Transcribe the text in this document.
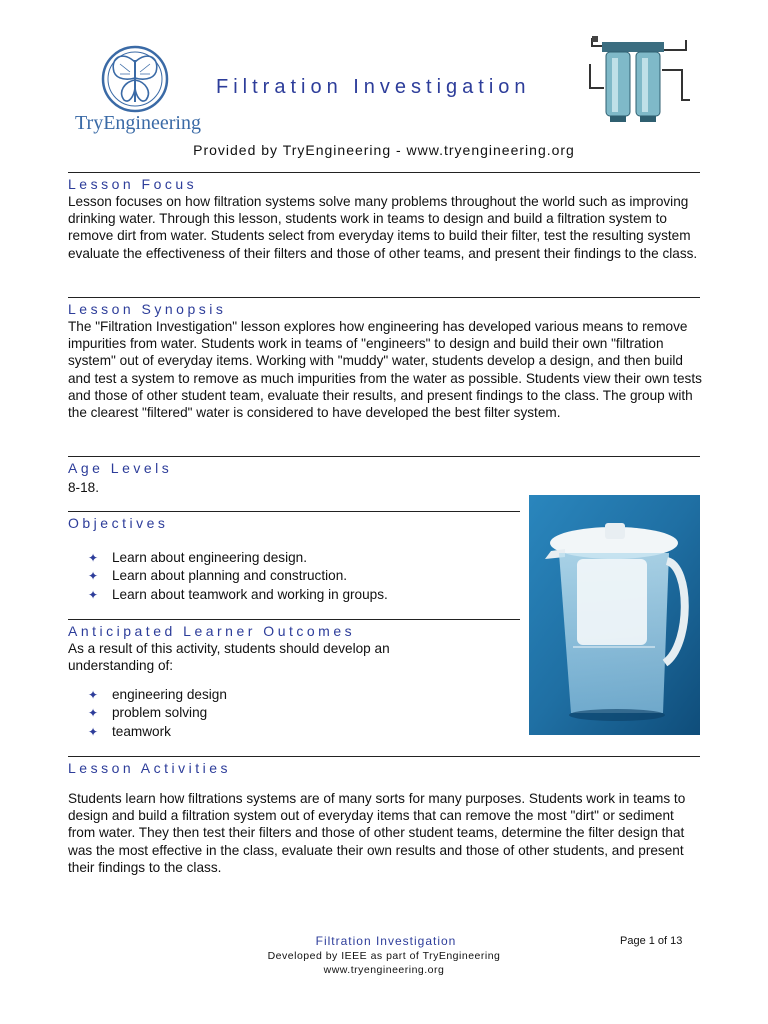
TryEngineering
Filtration Investigation
Provided by TryEngineering - www.tryengineering.org
Lesson Focus
Lesson focuses on how filtration systems solve many problems throughout the world such as improving drinking water. Through this lesson, students work in teams to design and build a filtration system to remove dirt from water. Students select from everyday items to build their filter, test the resulting system evaluate the effectiveness of their filters and those of other teams, and present their findings to the class.
Lesson Synopsis
The "Filtration Investigation" lesson explores how engineering has developed various means to remove impurities from water. Students work in teams of "engineers" to design and build their own "filtration system" out of everyday items. Working with "muddy" water, students develop a design, and then build and test a system to remove as much impurities from the water as possible. Students view their own tests and those of other student team, evaluate their results, and present findings to the class. The group with the clearest "filtered" water is considered to have developed the best filter system.
Age Levels
8-18.
Objectives
✦ Learn about engineering design.
✦ Learn about planning and construction.
✦ Learn about teamwork and working in groups.
Anticipated Learner Outcomes
As a result of this activity, students should develop an understanding of:
✦ engineering design
✦ problem solving
✦ teamwork
Lesson Activities
Students learn how filtrations systems are of many sorts for many purposes. Students work in teams to design and build a filtration system out of everyday items that can remove the most "dirt" or sediment from water. They then test their filters and those of other student teams, determine the filter design that was the most effective in the class, evaluate their own results and those of other students, and present their findings to the class.
Filtration Investigation	Page 1 of 13
Developed by IEEE as part of TryEngineering
www.tryengineering.org
